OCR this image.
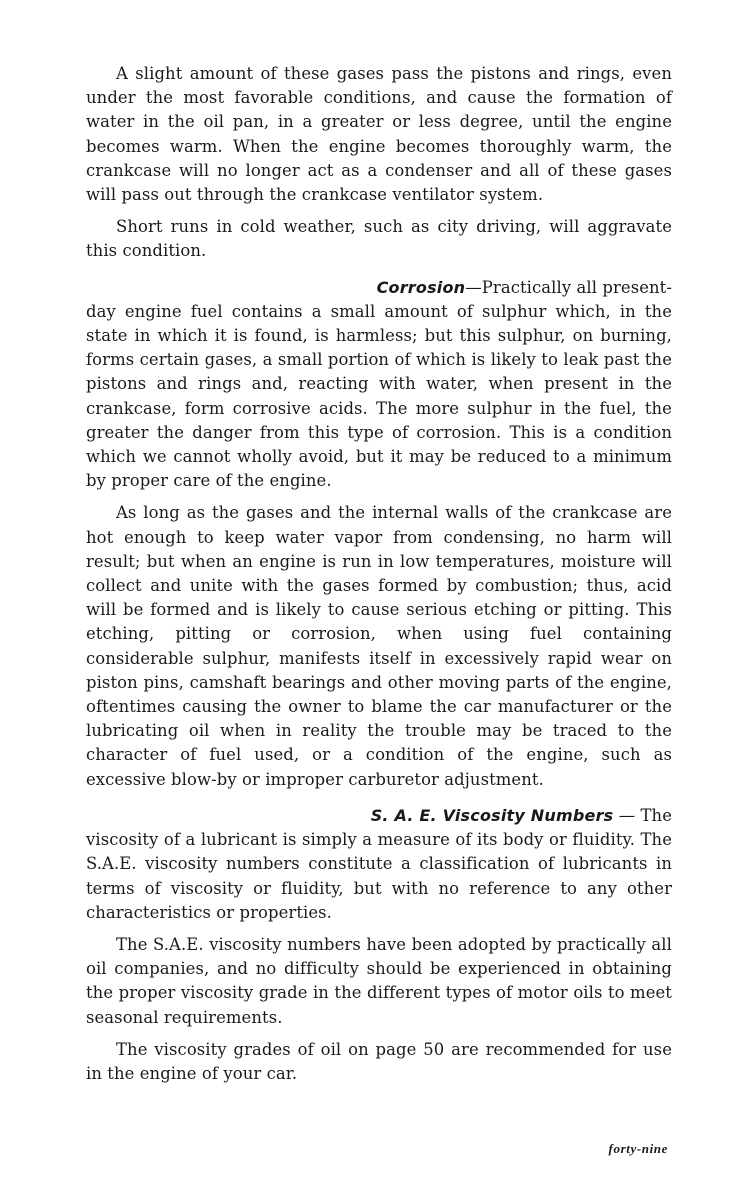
A slight amount of these gases pass the pistons and rings, even under the most favorable conditions, and cause the formation of water in the oil pan, in a greater or less degree, until the engine becomes warm. When the engine becomes thoroughly warm, the crankcase will no longer act as a condenser and all of these gases will pass out through the crankcase ventilator system.

Short runs in cold weather, such as city driving, will aggravate this condition.

Corrosion—Practically all present-
day engine fuel contains a small amount of sulphur which, in the state in which it is found, is harmless; but this sulphur, on burning, forms certain gases, a small portion of which is likely to leak past the pistons and rings and, reacting with water, when present in the crankcase, form corrosive acids. The more sulphur in the fuel, the greater the danger from this type of corrosion. This is a condition which we cannot wholly avoid, but it may be reduced to a minimum by proper care of the engine.

As long as the gases and the internal walls of the crankcase are hot enough to keep water vapor from condensing, no harm will result; but when an engine is run in low temperatures, moisture will collect and unite with the gases formed by combustion; thus, acid will be formed and is likely to cause serious etching or pitting. This etching, pitting or corrosion, when using fuel containing considerable sulphur, manifests itself in excessively rapid wear on piston pins, camshaft bearings and other moving parts of the engine, oftentimes causing the owner to blame the car manufacturer or the lubricating oil when in reality the trouble may be traced to the character of fuel used, or a condition of the engine, such as excessive blow-by or improper carburetor adjustment.

S. A. E. Viscosity Numbers — The
viscosity of a lubricant is simply a measure of its body or fluidity. The S.A.E. viscosity numbers constitute a classification of lubricants in terms of viscosity or fluidity, but with no reference to any other characteristics or properties.

The S.A.E. viscosity numbers have been adopted by practically all oil companies, and no difficulty should be experienced in obtaining the proper viscosity grade in the different types of motor oils to meet seasonal requirements.

The viscosity grades of oil on page 50 are recommended for use in the engine of your car.

forty-nine
